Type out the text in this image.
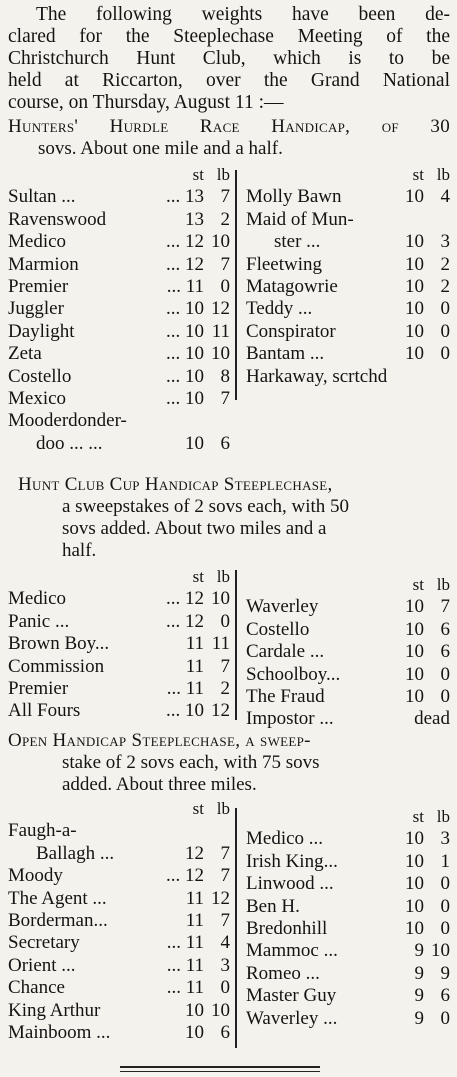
The following weights have been de-
clared for the Steeplechase Meeting of the
Christchurch Hunt Club, which is to be
held at Riccarton, over the Grand National
course, on Thursday, August 11 :—
Hunters' Hurdle Race Handicap, of 30
sovs. About one mile and a half.
st lb
Sultan ...	... 13 7
Ravenswood	13 2
Medico	... 12 10
Marmion	... 12 7
Premier	... 11 0
Juggler	... 10 12
Daylight	... 10 11
Zeta	... 10 10
Costello	... 10 8
Mexico	... 10 7
Mooderdonder-
doo ... ...	10 6
st lb
Molly Bawn	10 4
Maid of Mun-
ster ...	10 3
Fleetwing	10 2
Matagowrie	10 2
Teddy ...	10 0
Conspirator	10 0
Bantam ...	10 0
Harkaway, scrtchd
Hunt Club Cup Handicap Steeplechase,
a sweepstakes of 2 sovs each, with 50
sovs added. About two miles and a
half.
st lb
Medico	... 12 10
Panic ...	... 12 0
Brown Boy...	11 11
Commission	11 7
Premier	... 11 2
All Fours	... 10 12
st lb
Waverley	10 7
Costello	10 6
Cardale ...	10 6
Schoolboy...	10 0
The Fraud	10 0
Impostor ...	dead
Open Handicap Steeplechase, a sweep-
stake of 2 sovs each, with 75 sovs
added. About three miles.
st lb
Faugh-a-
Ballagh ...	12 7
Moody	... 12 7
The Agent ...	11 12
Borderman...	11 7
Secretary	... 11 4
Orient ...	... 11 3
Chance	... 11 0
King Arthur	10 10
Mainboom ...	10 6
st lb
Medico ...	10 3
Irish King...	10 1
Linwood ...	10 0
Ben H.	10 0
Bredonhill	10 0
Mammoc ...	9 10
Romeo ...	9 9
Master Guy	9 6
Waverley ...	9 0
